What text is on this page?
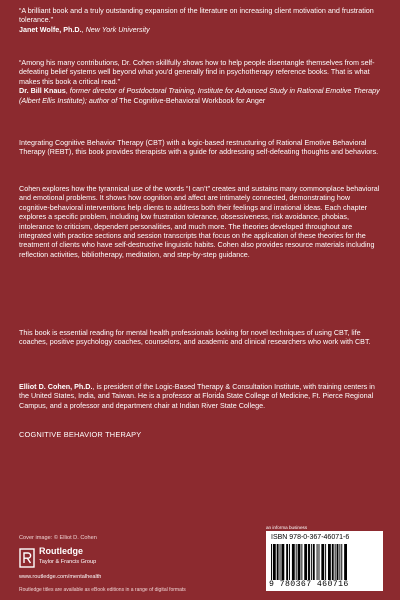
“A brilliant book and a truly outstanding expansion of the literature on increasing client motivation and frustration tolerance.”

Janet Wolfe, Ph.D., New York University

“Among his many contributions, Dr. Cohen skillfully shows how to help people disentangle themselves from self-defeating belief systems well beyond what you’d generally find in psychotherapy reference books. That is what makes this book a critical read.”

Dr. Bill Knaus, former director of Postdoctoral Training, Institute for Advanced Study in Rational Emotive Therapy (Albert Ellis Institute); author of The Cognitive-Behavioral Workbook for Anger

Integrating Cognitive Behavior Therapy (CBT) with a logic-based restructuring of Rational Emotive Behavioral Therapy (REBT), this book provides therapists with a guide for addressing self-defeating thoughts and behaviors.

Cohen explores how the tyrannical use of the words “I can’t” creates and sustains many commonplace behavioral and emotional problems. It shows how cognition and affect are intimately connected, demonstrating how cognitive-behavioral interventions help clients to address both their feelings and irrational ideas. Each chapter explores a specific problem, including low frustration tolerance, obsessiveness, risk avoidance, phobias, intolerance to criticism, dependent personalities, and much more. The theories developed throughout are integrated with practice sections and session transcripts that focus on the application of these theories for the treatment of clients who have self-destructive linguistic habits. Cohen also provides resource materials including reflection activities, bibliotherapy, meditation, and step-by-step guidance.

This book is essential reading for mental health professionals looking for novel techniques of using CBT, life coaches, positive psychology coaches, counselors, and academic and clinical researchers who work with CBT.

Elliot D. Cohen, Ph.D., is president of the Logic-Based Therapy & Consultation Institute, with training centers in the United States, India, and Taiwan. He is a professor at Florida State College of Medicine, Ft. Pierce Regional Campus, and a professor and department chair at Indian River State College.

COGNITIVE BEHAVIOR THERAPY

Cover image: © Elliot D. Cohen

Routledge

Taylor & Francis Group

www.routledge.com/mentalhealth

Routledge titles are available as eBook editions in a range of digital formats

an informa business

ISBN 978-0-367-46071-6

9 780367 460716
